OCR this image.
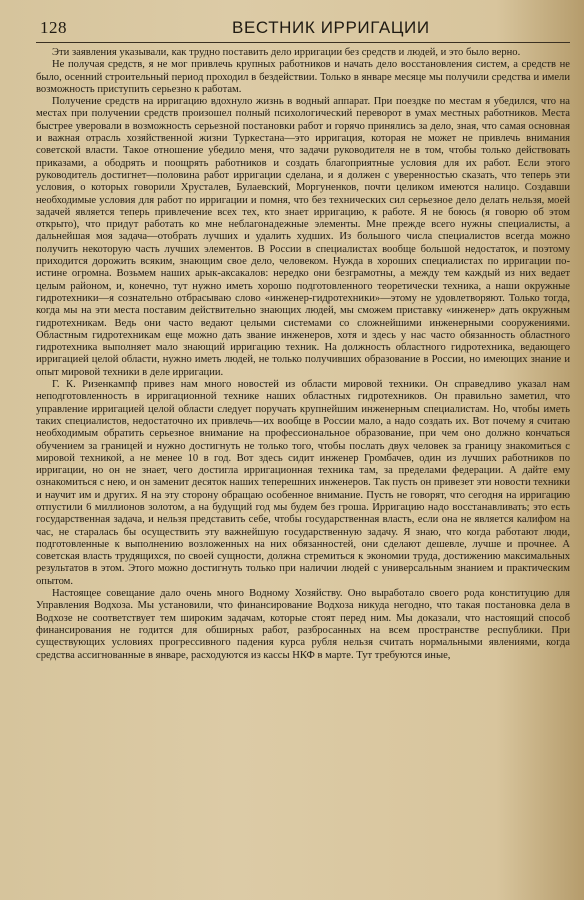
128	ВЕСТНИК ИРРИГАЦИИ

Эти заявления указывали, как трудно поставить дело ирригации без средств и людей, и это было верно.

Не получая средств, я не мог привлечь крупных работников и начать дело восстановления систем, а средств не было, осенний строительный период проходил в бездействии. Только в январе месяце мы получили средства и имели возможность приступить серьезно к работам.

Получение средств на ирригацию вдохнуло жизнь в водный аппарат. При поездке по местам я убедился, что на местах при получении средств произошел полный психологический переворот в умах местных работников. Места быстрее уверовали в возможность серьезной постановки работ и горячо принялись за дело, зная, что самая основная и важная отрасль хозяйственной жизни Туркестана—это ирригация, которая не может не привлечь внимания советской власти. Такое отношение убедило меня, что задачи руководителя не в том, чтобы только действовать приказами, а ободрять и поощрять работников и создать благоприятные условия для их работ. Если этого руководитель достигнет—половина работ ирригации сделана, и я должен с уверенностью сказать, что теперь эти условия, о которых говорили Хрусталев, Булаевский, Моргуненков, почти целиком имеются налицо. Создавши необходимые условия для работ по ирригации и помня, что без технических сил серьезное дело делать нельзя, моей задачей является теперь привлечение всех тех, кто знает ирригацию, к работе. Я не боюсь (я говорю об этом открыто), что придут работать ко мне неблагонадежные элементы. Мне прежде всего нужны специалисты, а дальнейшая моя задача—отобрать лучших и удалить худших. Из большого числа специалистов всегда можно получить некоторую часть лучших элементов. В России в специалистах вообще большой недостаток, и поэтому приходится дорожить всяким, знающим свое дело, человеком. Нужда в хороших специалистах по ирригации по-истине огромна. Возьмем наших арык-аксакалов: нередко они безграмотны, а между тем каждый из них ведает целым районом, и, конечно, тут нужно иметь хорошо подготовленного теоретически техника, а наши окружные гидротехники—я сознательно отбрасываю слово «инженер-гидротехники»—этому не удовлетворяют. Только тогда, когда мы на эти места поставим действительно знающих людей, мы сможем приставку «инженер» дать окружным гидротехникам. Ведь они часто ведают целыми системами со сложнейшими инженерными сооружениями. Областным гидротехникам еще можно дать звание инженеров, хотя и здесь у нас часто обязанность областного гидротехника выполняет мало знающий ирригацию техник. На должность областного гидротехника, ведающего ирригацией целой области, нужно иметь людей, не только получивших образование в России, но имеющих знание и опыт мировой техники в деле ирригации.

Г. К. Ризенкампф привез нам много новостей из области мировой техники. Он справедливо указал нам неподготовленность в ирригационной технике наших областных гидротехников. Он правильно заметил, что управление ирригацией целой области следует поручать крупнейшим инженерным специалистам. Но, чтобы иметь таких специалистов, недостаточно их привлечь—их вообще в России мало, а надо создать их. Вот почему я считаю необходимым обратить серьезное внимание на профессиональное образование, при чем оно должно кончаться обучением за границей и нужно достигнуть не только того, чтобы послать двух человек за границу знакомиться с мировой техникой, а не менее 10 в год. Вот здесь сидит инженер Громбачев, один из лучших работников по ирригации, но он не знает, чего достигла ирригационная техника там, за пределами федерации. А дайте ему ознакомиться с нею, и он заменит десяток наших теперешних инженеров. Так пусть он привезет эти новости техники и научит им и других. Я на эту сторону обращаю особенное внимание. Пусть не говорят, что сегодня на ирригацию отпустили 6 миллионов золотом, а на будущий год мы будем без гроша. Ирригацию надо восстанавливать; это есть государственная задача, и нельзя представить себе, чтобы государственная власть, если она не является калифом на час, не старалась бы осуществить эту важнейшую государственную задачу. Я знаю, что когда работают люди, подготовленные к выполнению возложенных на них обязанностей, они сделают дешевле, лучше и прочнее. А советская власть трудящихся, по своей сущности, должна стремиться к экономии труда, достижению максимальных результатов в этом. Этого можно достигнуть только при наличии людей с универсальным знанием и практическим опытом.

Настоящее совещание дало очень много Водному Хозяйству. Оно выработало своего рода конституцию для Управления Водхоза. Мы установили, что финансирование Водхоза никуда негодно, что такая постановка дела в Водхозе не соответствует тем широким задачам, которые стоят перед ним. Мы доказали, что настоящий способ финансирования не годится для обширных работ, разбросанных на всем пространстве республики. При существующих условиях прогрессивного падения курса рубля нельзя считать нормальными явлениями, когда средства ассигнованные в январе, расходуются из кассы НКФ в марте. Тут требуются иные,
